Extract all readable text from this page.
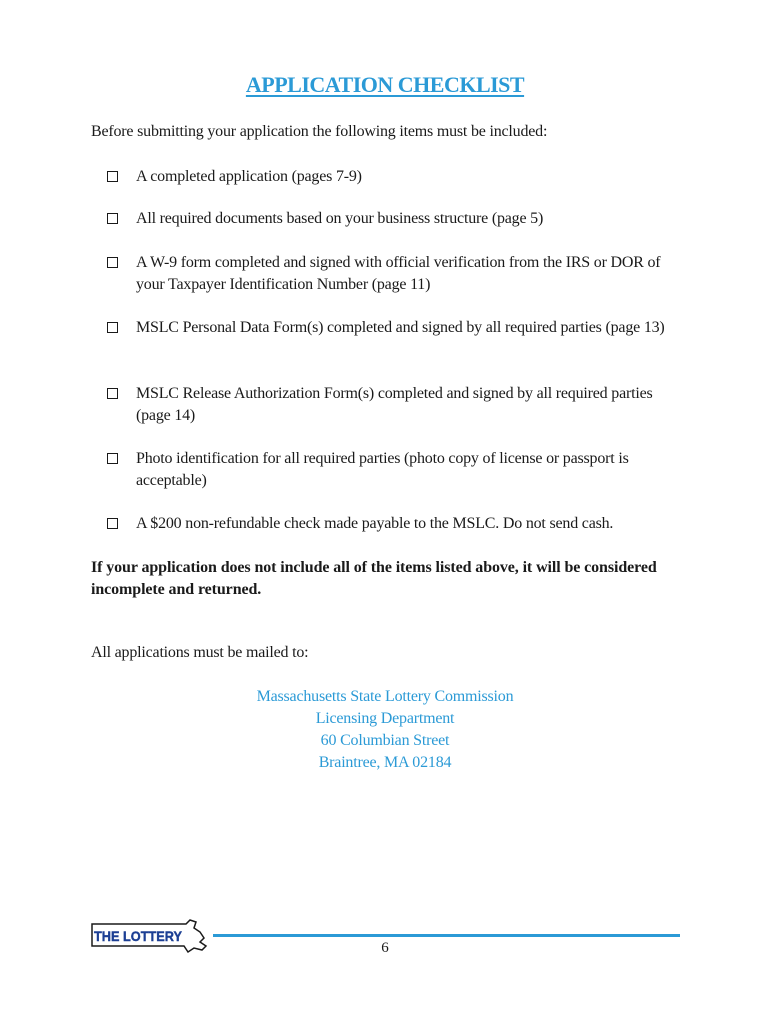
APPLICATION CHECKLIST
Before submitting your application the following items must be included:
A completed application (pages 7-9)
All required documents based on your business structure (page 5)
A W-9 form completed and signed with official verification from the IRS or DOR of your Taxpayer Identification Number (page 11)
MSLC Personal Data Form(s) completed and signed by all required parties (page 13)
MSLC Release Authorization Form(s) completed and signed by all required parties (page 14)
Photo identification for all required parties (photo copy of license or passport is acceptable)
A $200 non-refundable check made payable to the MSLC. Do not send cash.
If your application does not include all of the items listed above, it will be considered incomplete and returned.
All applications must be mailed to:
Massachusetts State Lottery Commission
Licensing Department
60 Columbian Street
Braintree, MA 02184
THE LOTTERY
6
